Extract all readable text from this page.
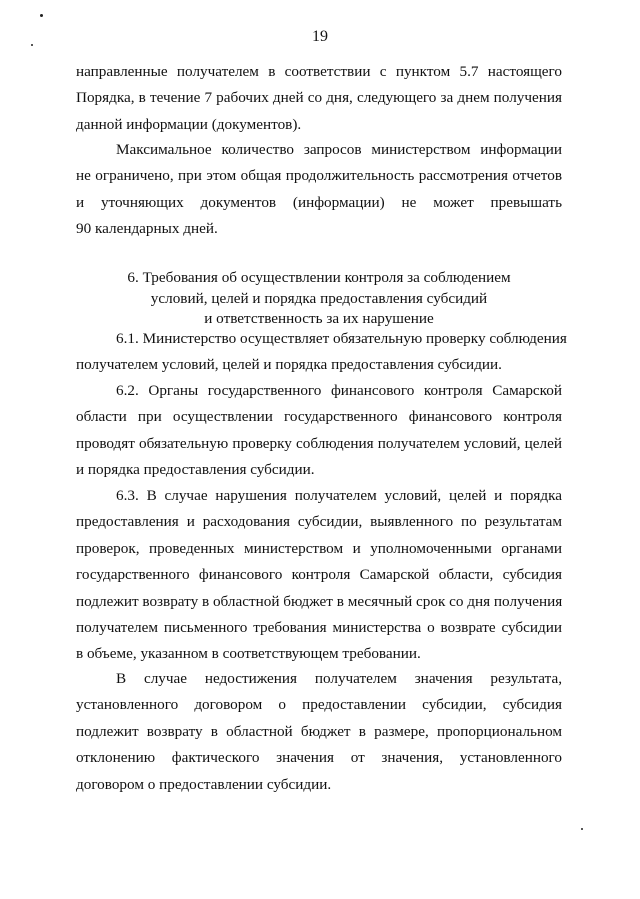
19
направленные получателем в соответствии с пунктом 5.7 настоящего
Порядка, в течение 7 рабочих дней со дня, следующего за днем получения
данной информации (документов).
Максимальное количество запросов министерством информации
не ограничено, при этом общая продолжительность рассмотрения отчетов
и уточняющих документов (информации) не может превышать
90 календарных дней.
6. Требования об осуществлении контроля за соблюдением
условий, целей и порядка предоставления субсидий
и ответственность за их нарушение
6.1. Министерство осуществляет обязательную проверку соблюдения
получателем условий, целей и порядка предоставления субсидии.
6.2. Органы государственного финансового контроля Самарской
области при осуществлении государственного финансового контроля
проводят обязательную проверку соблюдения получателем условий, целей
и порядка предоставления субсидии.
6.3. В случае нарушения получателем условий, целей и порядка
предоставления и расходования субсидии, выявленного по результатам
проверок, проведенных министерством и уполномоченными органами
государственного финансового контроля Самарской области, субсидия
подлежит возврату в областной бюджет в месячный срок со дня получения
получателем письменного требования министерства о возврате субсидии
в объеме, указанном в соответствующем требовании.
В случае недостижения получателем значения результата,
установленного договором о предоставлении субсидии, субсидия
подлежит возврату в областной бюджет в размере, пропорциональном
отклонению фактического значения от значения, установленного
договором о предоставлении субсидии.
